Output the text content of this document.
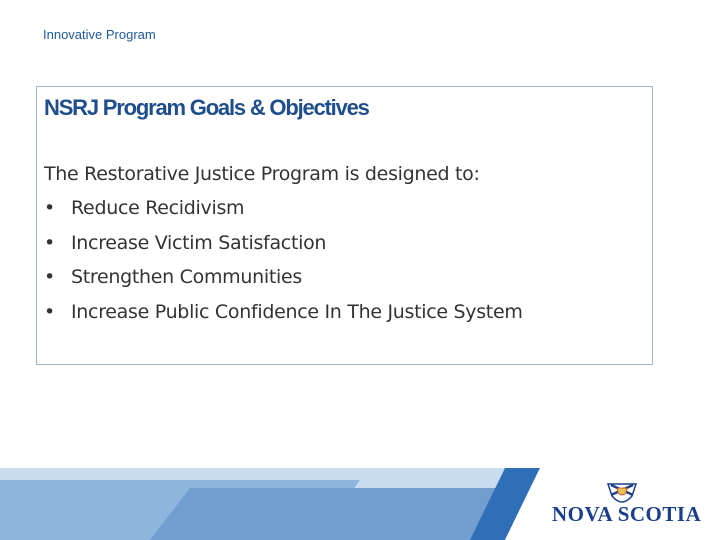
Innovative Program
NSRJ Program Goals & Objectives
The Restorative Justice Program is designed to:
• Reduce Recidivism
• Increase Victim Satisfaction
• Strengthen Communities
• Increase Public Confidence In The Justice System
NOVA SCOTIA
